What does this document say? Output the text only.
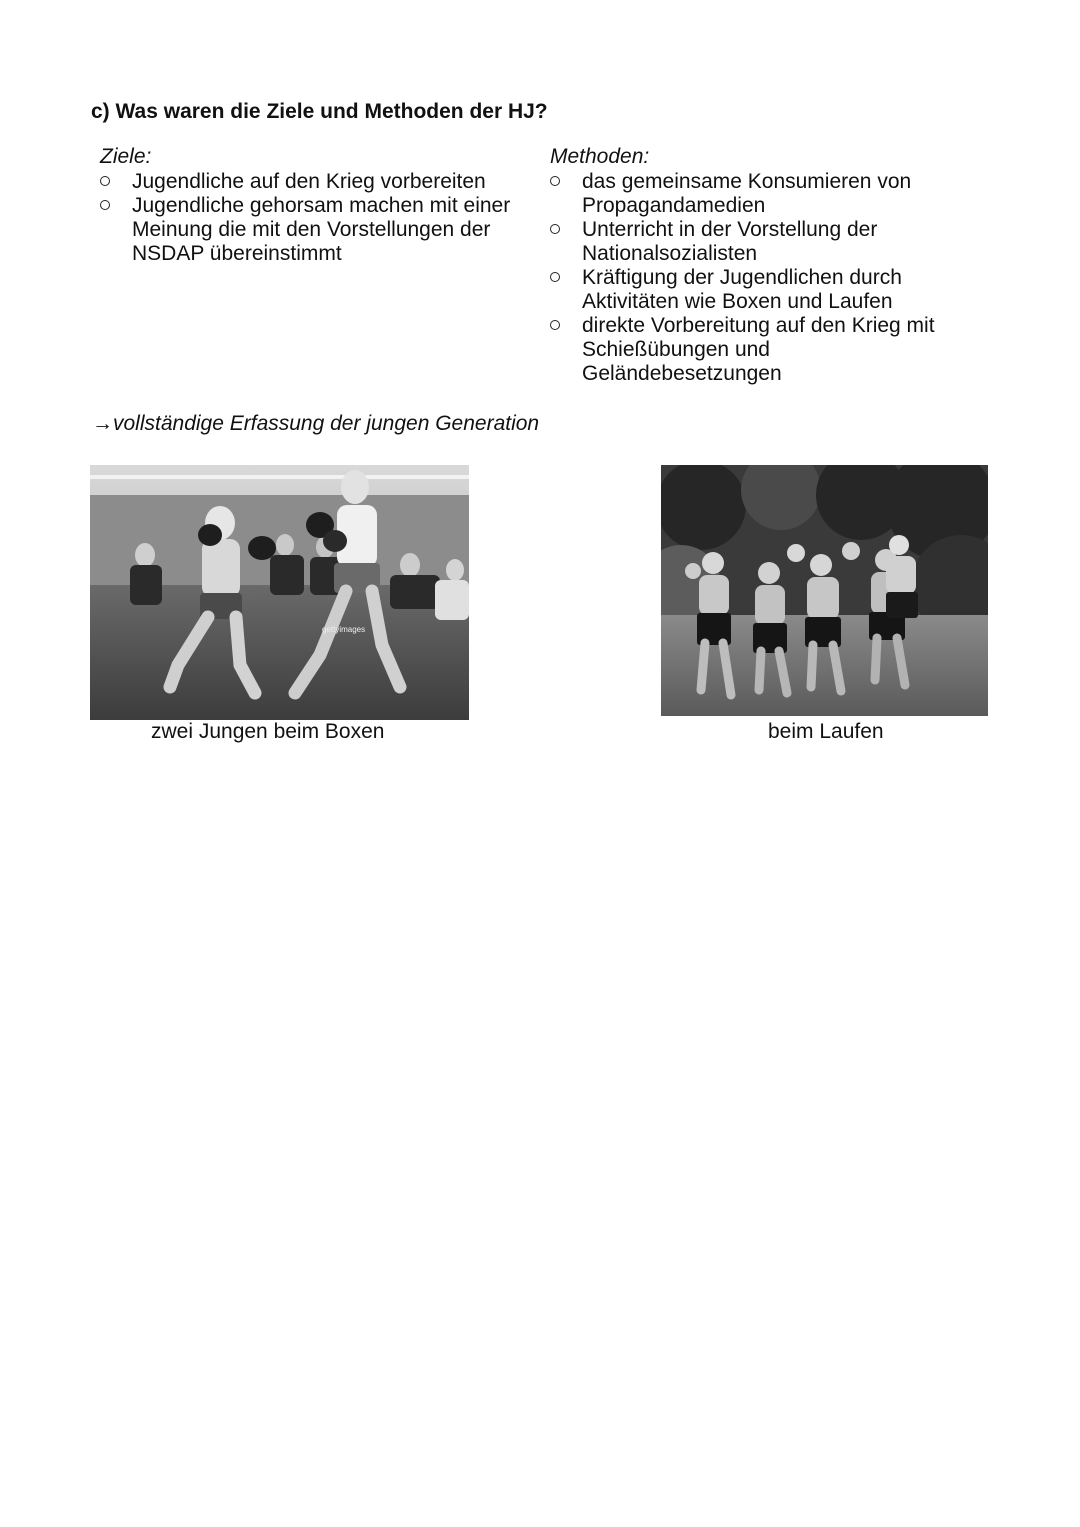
c) Was waren die Ziele und Methoden der HJ?
Ziele:
Jugendliche auf den Krieg vorbereiten
Jugendliche gehorsam machen mit einer Meinung die mit den Vorstellungen der NSDAP übereinstimmt
Methoden:
das gemeinsame Konsumieren von Propagandamedien
Unterricht in der Vorstellung der Nationalsozialisten
Kräftigung der Jugendlichen durch Aktivitäten wie Boxen und Laufen
direkte Vorbereitung auf den Krieg mit Schießübungen und Geländebesetzungen
→vollständige Erfassung der jungen Generation
gettyimages
zwei Jungen beim Boxen	beim Laufen
